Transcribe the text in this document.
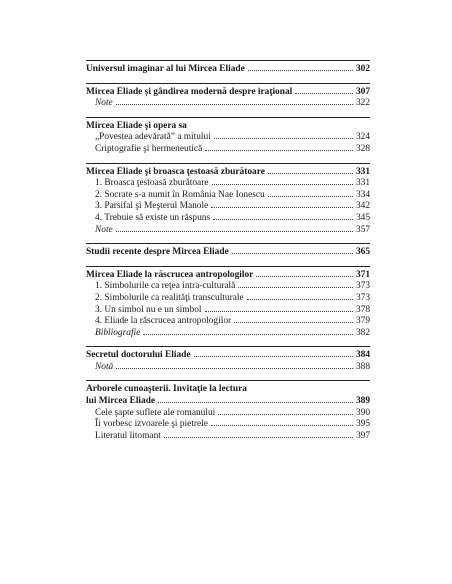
Universul imaginar al lui Mircea Eliade	302
Mircea Eliade și gândirea modernă despre iraţional	307
Note	322
Mircea Eliade şi opera sa
„Povestea adevărată” a mitului	324
Criptografie şi hermeneutică	328
Mircea Eliade şi broasca ţestoasă zburătoare	331
1. Broasca ţestoasă zburătoare	331
2. Socrate s-a numit în România Nae Ionescu	334
3. Parsifal şi Meşterul Manole	342
4. Trebuie să existe un răspuns	345
Note	357
Studii recente despre Mircea Eliade	365
Mircea Eliade la răscrucea antropologilor	371
1. Simbolurile ca reţea intra-culturală	373
2. Simbolurile ca realităţi transculturale	373
3. Un simbol nu e un simbol	378
4. Eliade la răscrucea antropologilor	379
Bibliografie	382
Secretul doctorului Eliade	384
Notă	388
Arborele cunoaşterii. Invitaţie la lectura
lui Mircea Eliade	389
Cele şapte suflete ale romanului	390
Îi vorbesc izvoarele şi pietrele	395
Literatul litomant	397
